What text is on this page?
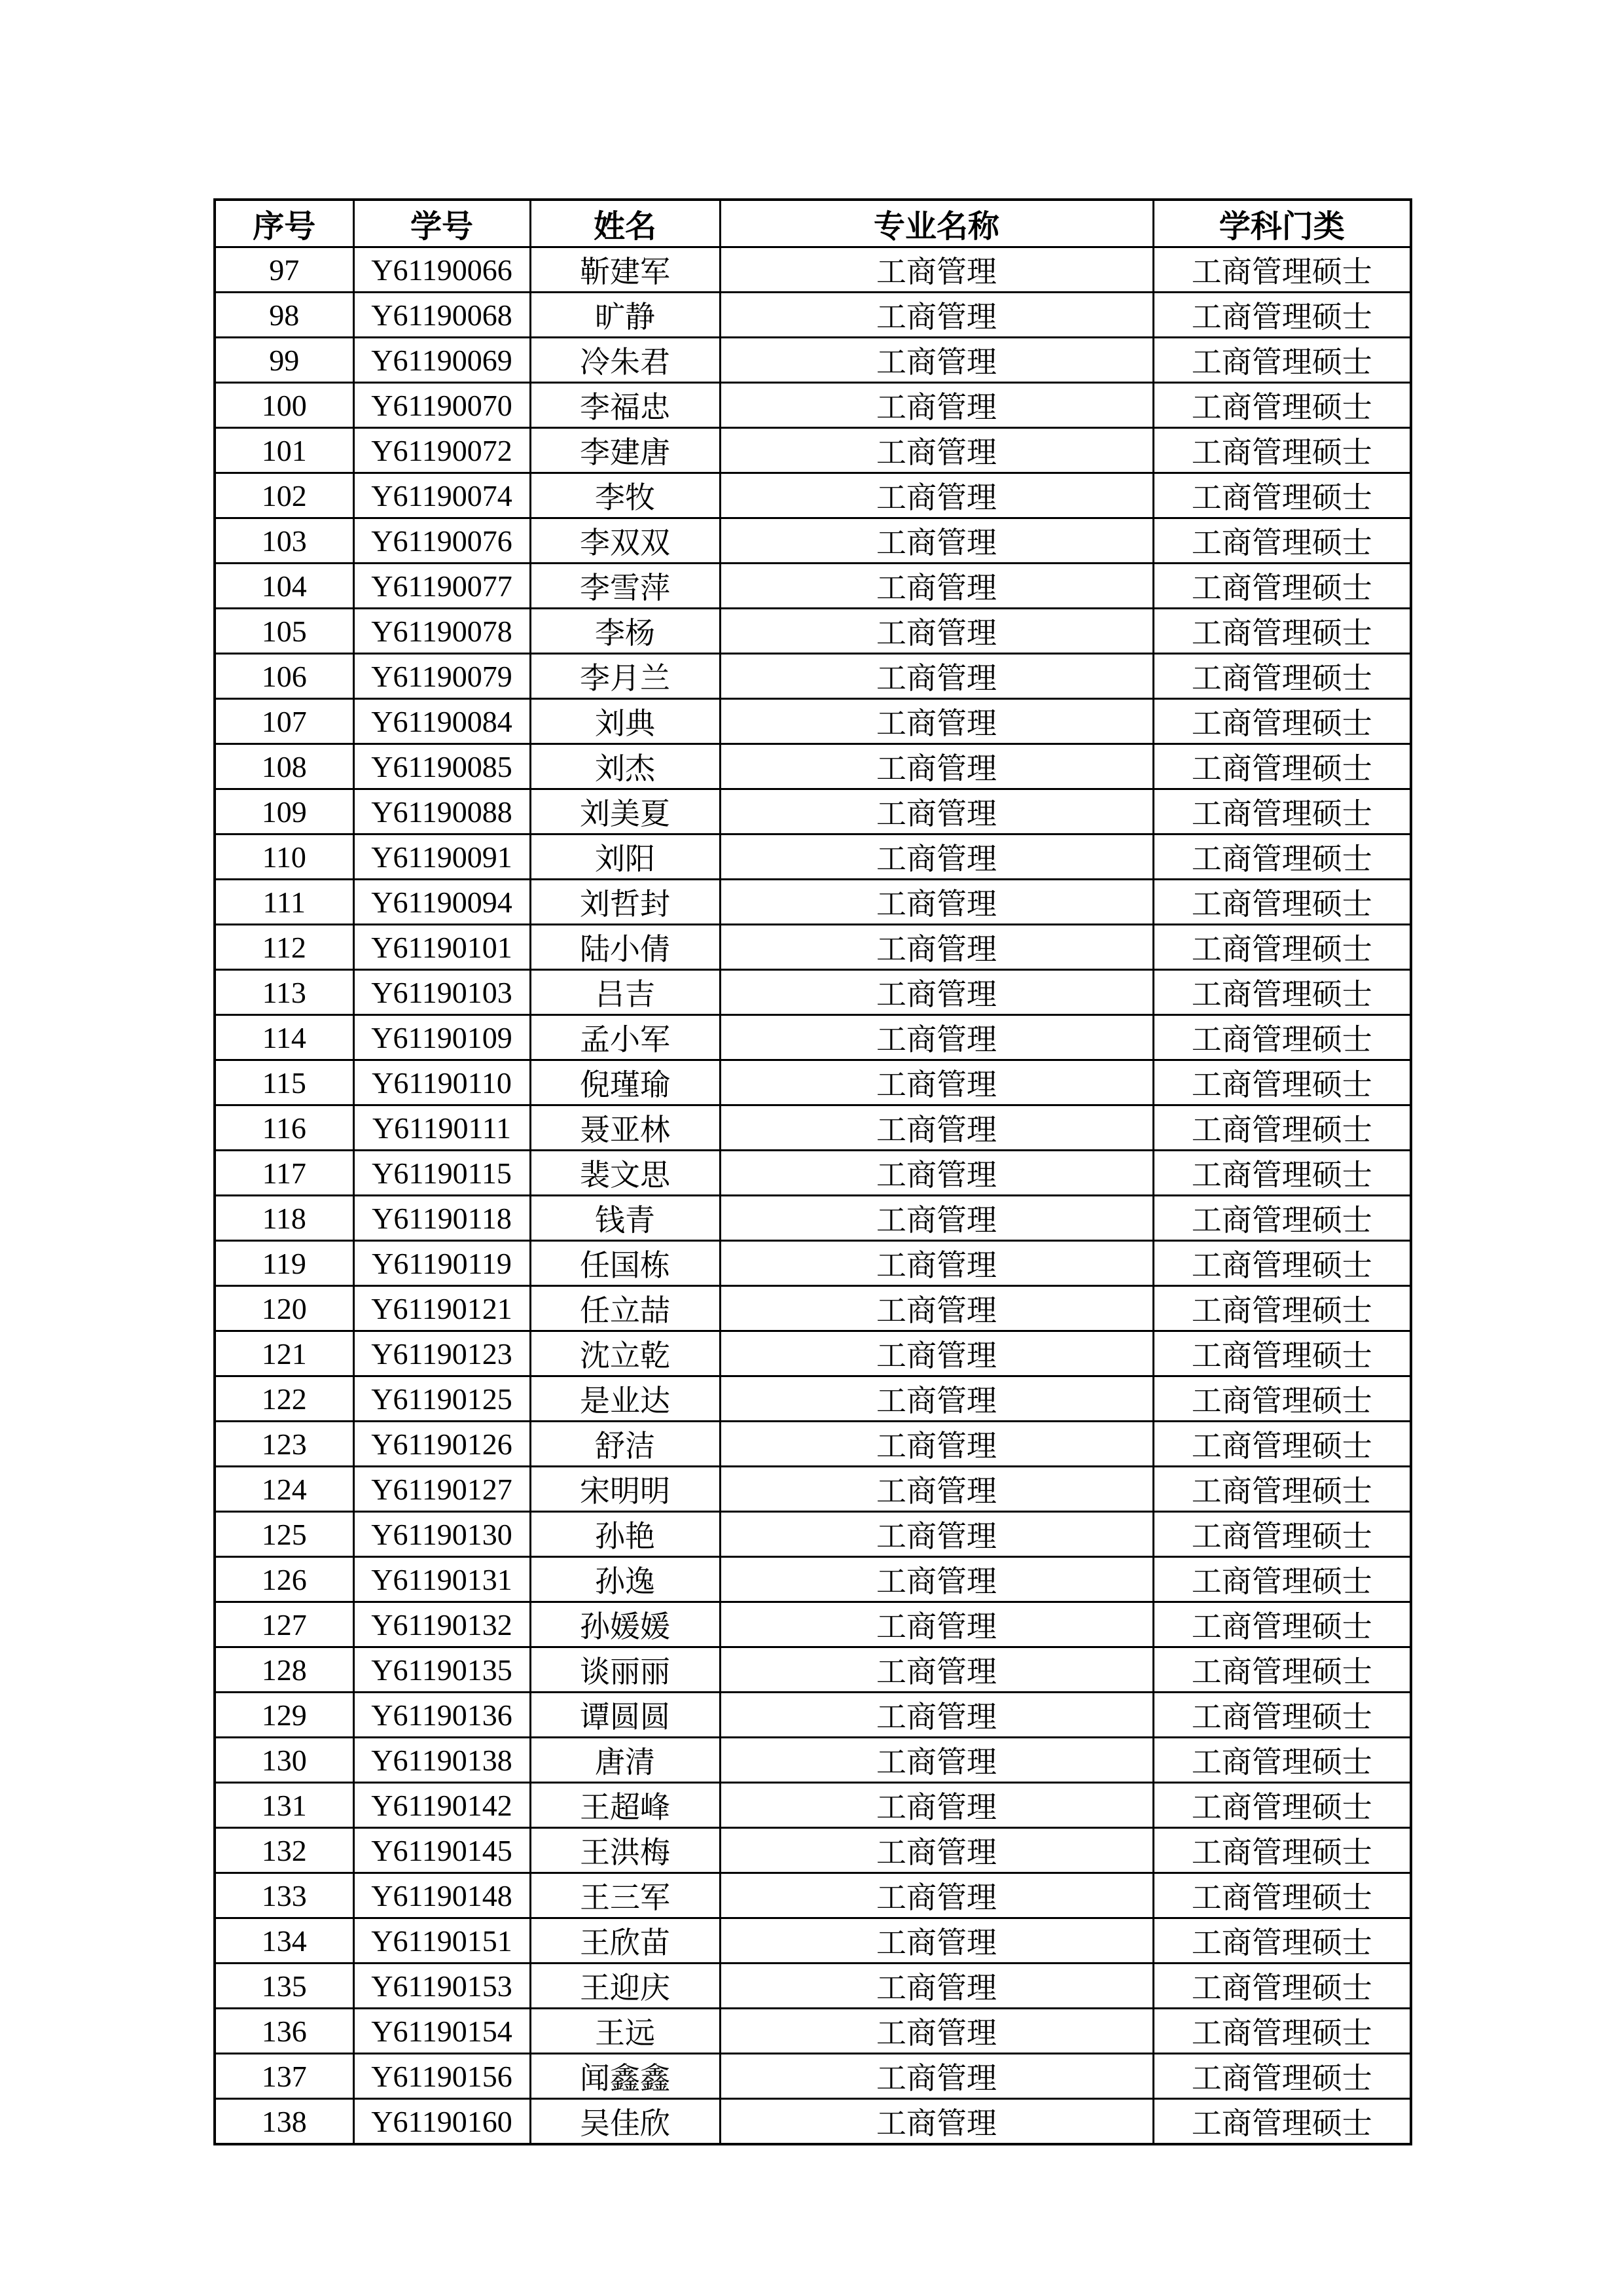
序号	学号	姓名	专业名称	学科门类
97	Y61190066	靳建军	工商管理	工商管理硕士
98	Y61190068	旷静	工商管理	工商管理硕士
99	Y61190069	冷朱君	工商管理	工商管理硕士
100	Y61190070	李福忠	工商管理	工商管理硕士
101	Y61190072	李建唐	工商管理	工商管理硕士
102	Y61190074	李牧	工商管理	工商管理硕士
103	Y61190076	李双双	工商管理	工商管理硕士
104	Y61190077	李雪萍	工商管理	工商管理硕士
105	Y61190078	李杨	工商管理	工商管理硕士
106	Y61190079	李月兰	工商管理	工商管理硕士
107	Y61190084	刘典	工商管理	工商管理硕士
108	Y61190085	刘杰	工商管理	工商管理硕士
109	Y61190088	刘美夏	工商管理	工商管理硕士
110	Y61190091	刘阳	工商管理	工商管理硕士
111	Y61190094	刘哲封	工商管理	工商管理硕士
112	Y61190101	陆小倩	工商管理	工商管理硕士
113	Y61190103	吕吉	工商管理	工商管理硕士
114	Y61190109	孟小军	工商管理	工商管理硕士
115	Y61190110	倪瑾瑜	工商管理	工商管理硕士
116	Y61190111	聂亚林	工商管理	工商管理硕士
117	Y61190115	裴文思	工商管理	工商管理硕士
118	Y61190118	钱青	工商管理	工商管理硕士
119	Y61190119	任国栋	工商管理	工商管理硕士
120	Y61190121	任立喆	工商管理	工商管理硕士
121	Y61190123	沈立乾	工商管理	工商管理硕士
122	Y61190125	是业达	工商管理	工商管理硕士
123	Y61190126	舒洁	工商管理	工商管理硕士
124	Y61190127	宋明明	工商管理	工商管理硕士
125	Y61190130	孙艳	工商管理	工商管理硕士
126	Y61190131	孙逸	工商管理	工商管理硕士
127	Y61190132	孙媛媛	工商管理	工商管理硕士
128	Y61190135	谈丽丽	工商管理	工商管理硕士
129	Y61190136	谭圆圆	工商管理	工商管理硕士
130	Y61190138	唐清	工商管理	工商管理硕士
131	Y61190142	王超峰	工商管理	工商管理硕士
132	Y61190145	王洪梅	工商管理	工商管理硕士
133	Y61190148	王三军	工商管理	工商管理硕士
134	Y61190151	王欣苗	工商管理	工商管理硕士
135	Y61190153	王迎庆	工商管理	工商管理硕士
136	Y61190154	王远	工商管理	工商管理硕士
137	Y61190156	闻鑫鑫	工商管理	工商管理硕士
138	Y61190160	吴佳欣	工商管理	工商管理硕士
